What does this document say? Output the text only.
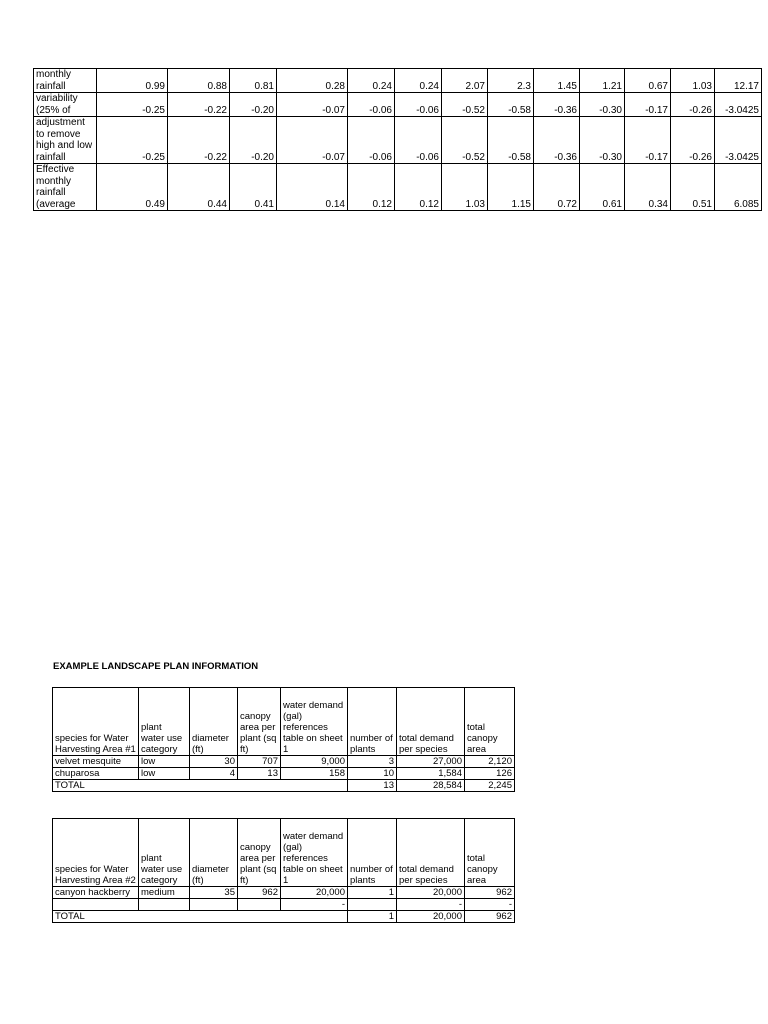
monthly rainfall	0.99	0.88	0.81	0.28	0.24	0.24	2.07	2.3	1.45	1.21	0.67	1.03	12.17
variability (25% of	-0.25	-0.22	-0.20	-0.07	-0.06	-0.06	-0.52	-0.58	-0.36	-0.30	-0.17	-0.26	-3.0425
adjustment to remove high and low rainfall	-0.25	-0.22	-0.20	-0.07	-0.06	-0.06	-0.52	-0.58	-0.36	-0.30	-0.17	-0.26	-3.0425
Effective monthly rainfall (average	0.49	0.44	0.41	0.14	0.12	0.12	1.03	1.15	0.72	0.61	0.34	0.51	6.085
EXAMPLE LANDSCAPE PLAN INFORMATION
species for Water Harvesting Area #1	plant water use category	diameter (ft)	canopy area per plant (sq ft)	water demand (gal) references table on sheet 1	number of plants	total demand per species	total canopy area
velvet mesquite	low	30	707	9,000	3	27,000	2,120
chuparosa	low	4	13	158	10	1,584	126
TOTAL					13	28,584	2,245
species for Water Harvesting Area #2	plant water use category	diameter (ft)	canopy area per plant (sq ft)	water demand (gal) references table on sheet 1	number of plants	total demand per species	total canopy area
canyon hackberry	medium	35	962	20,000	1	20,000	962
				-		-	-
TOTAL					1	20,000	962
